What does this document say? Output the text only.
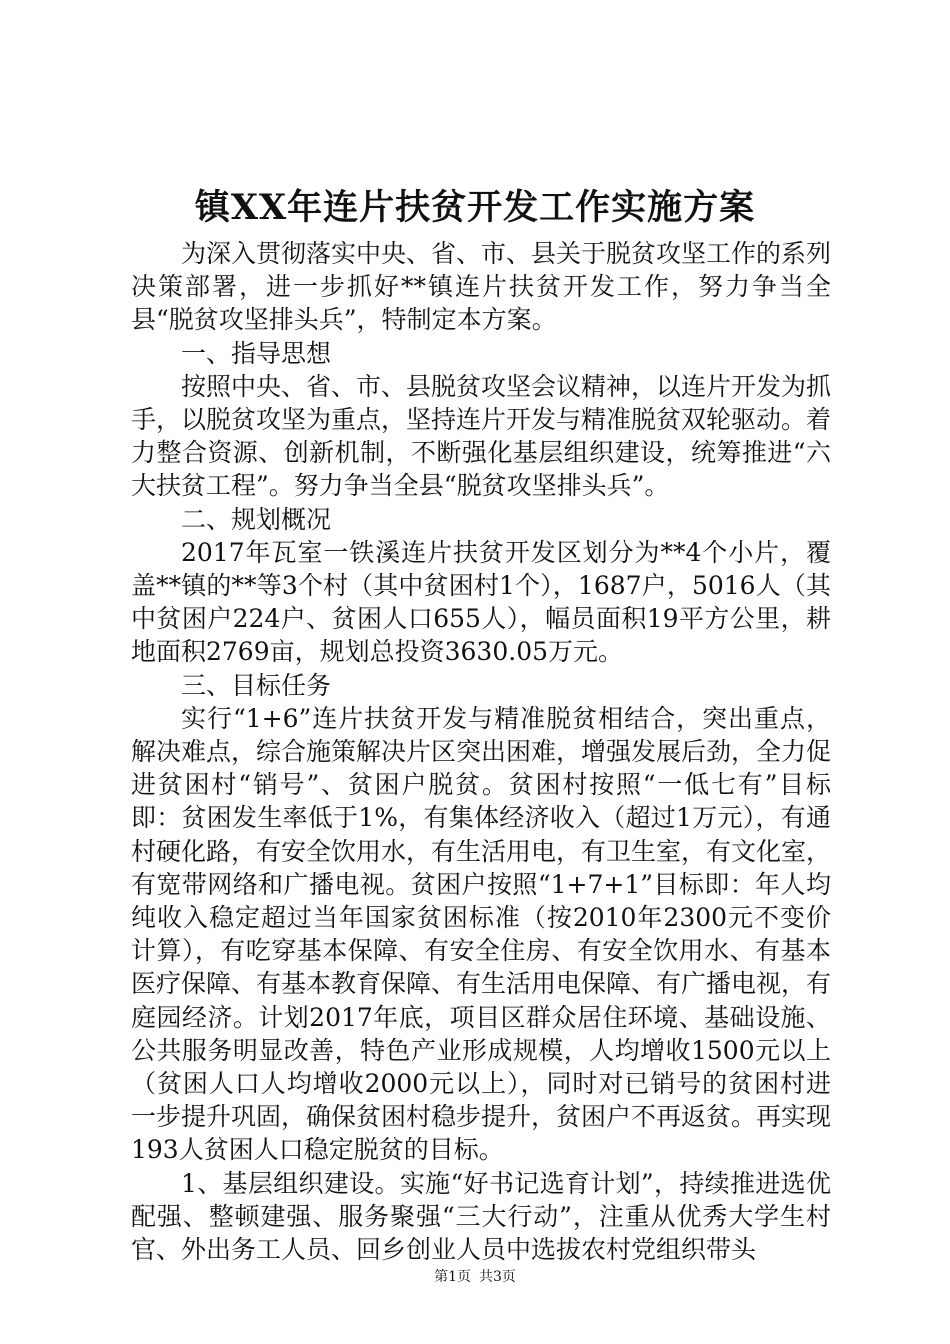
镇XX年连片扶贫开发工作实施方案

为深入贯彻落实中央、省、市、县关于脱贫攻坚工作的系列决策部署，进一步抓好**镇连片扶贫开发工作，努力争当全县“脱贫攻坚排头兵”，特制定本方案。

一、指导思想

按照中央、省、市、县脱贫攻坚会议精神，以连片开发为抓手，以脱贫攻坚为重点，坚持连片开发与精准脱贫双轮驱动。着力整合资源、创新机制，不断强化基层组织建设，统筹推进“六大扶贫工程”。努力争当全县“脱贫攻坚排头兵”。

二、规划概况

2017年瓦室一铁溪连片扶贫开发区划分为**4个小片，覆盖**镇的**等3个村（其中贫困村1个），1687户，5016人（其中贫困户224户、贫困人口655人），幅员面积19平方公里，耕地面积2769亩，规划总投资3630.05万元。

三、目标任务

实行“1+6”连片扶贫开发与精准脱贫相结合，突出重点，解决难点，综合施策解决片区突出困难，增强发展后劲，全力促进贫困村“销号”、贫困户脱贫。贫困村按照“一低七有”目标即：贫困发生率低于1%，有集体经济收入（超过1万元），有通村硬化路，有安全饮用水，有生活用电，有卫生室，有文化室，有宽带网络和广播电视。贫困户按照“1+7+1”目标即：年人均纯收入稳定超过当年国家贫困标准（按2010年2300元不变价计算），有吃穿基本保障、有安全住房、有安全饮用水、有基本医疗保障、有基本教育保障、有生活用电保障、有广播电视，有庭园经济。计划2017年底，项目区群众居住环境、基础设施、公共服务明显改善，特色产业形成规模，人均增收1500元以上（贫困人口人均增收2000元以上），同时对已销号的贫困村进一步提升巩固，确保贫困村稳步提升，贫困户不再返贫。再实现193人贫困人口稳定脱贫的目标。

1、基层组织建设。实施“好书记选育计划”，持续推进选优配强、整顿建强、服务聚强“三大行动”，注重从优秀大学生村官、外出务工人员、回乡创业人员中选拔农村党组织带头

第1页 共3页
